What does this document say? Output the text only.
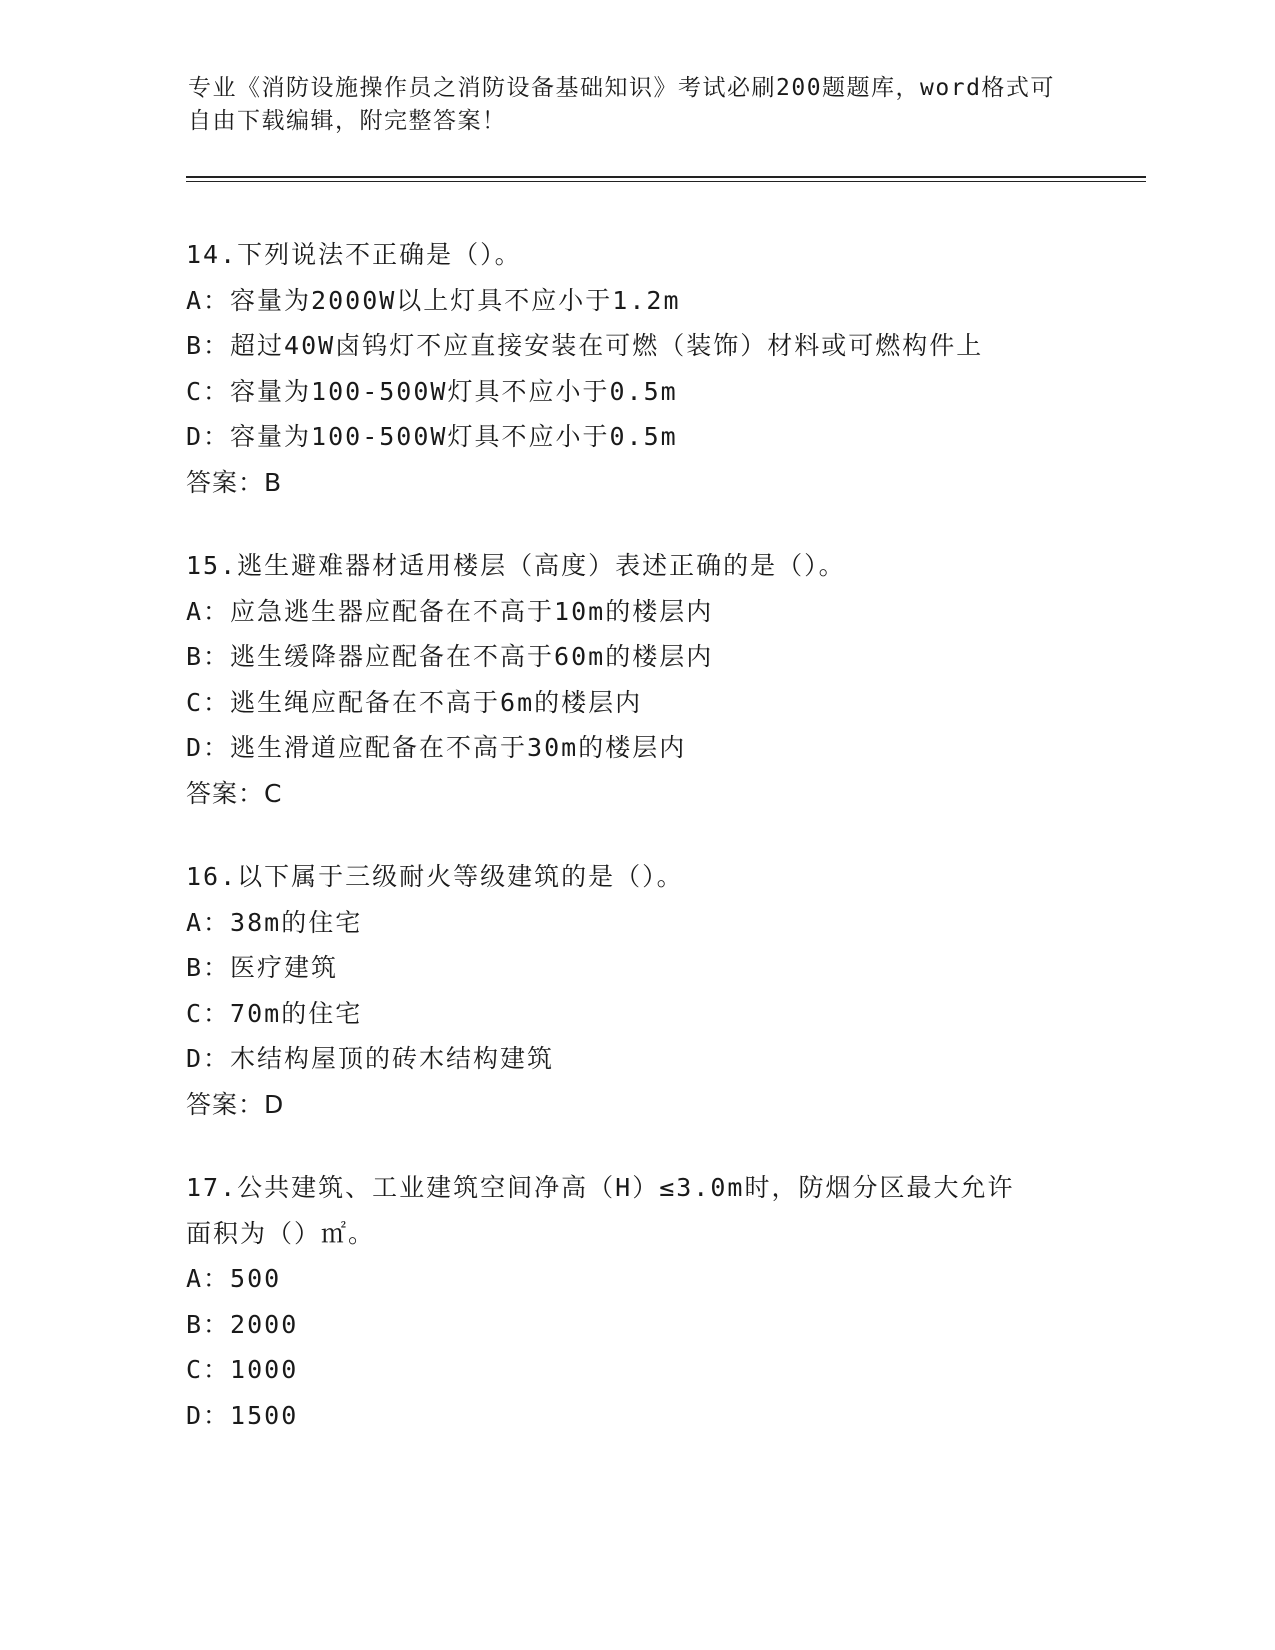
专业《消防设施操作员之消防设备基础知识》考试必刷200题题库，word格式可
自由下载编辑，附完整答案！
14.下列说法不正确是（）。
A：容量为2000W以上灯具不应小于1.2m
B：超过40W卤钨灯不应直接安装在可燃（装饰）材料或可燃构件上
C：容量为100-500W灯具不应小于0.5m
D：容量为100-500W灯具不应小于0.5m
答案：B
15.逃生避难器材适用楼层（高度）表述正确的是（）。
A：应急逃生器应配备在不高于10m的楼层内
B：逃生缓降器应配备在不高于60m的楼层内
C：逃生绳应配备在不高于6m的楼层内
D：逃生滑道应配备在不高于30m的楼层内
答案：C
16.以下属于三级耐火等级建筑的是（）。
A：38m的住宅
B：医疗建筑
C：70m的住宅
D：木结构屋顶的砖木结构建筑
答案：D
17.公共建筑、工业建筑空间净高（H）≤3.0m时，防烟分区最大允许
面积为（）㎡。
A：500
B：2000
C：1000
D：1500
